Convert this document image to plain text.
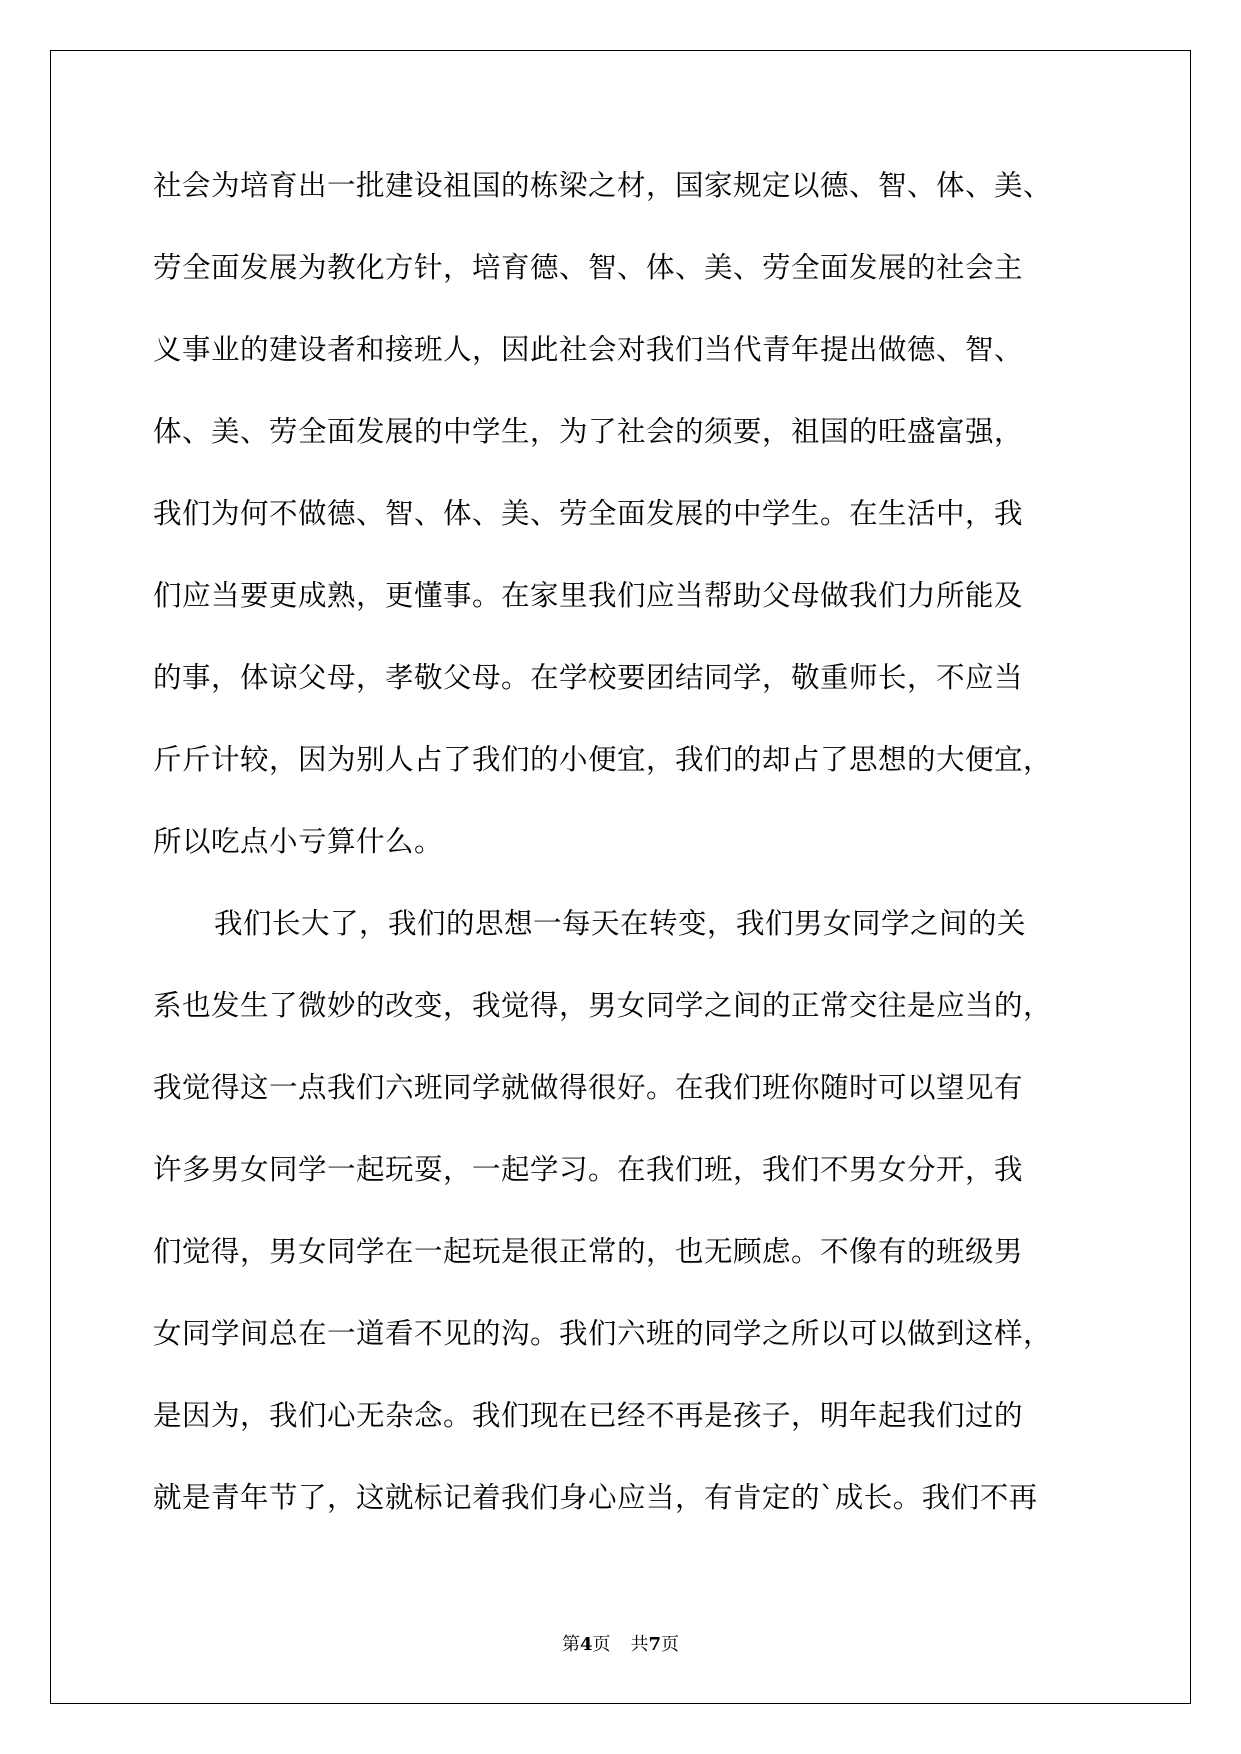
社会为培育出一批建设祖国的栋梁之材，国家规定以德、智、体、美、
劳全面发展为教化方针，培育德、智、体、美、劳全面发展的社会主
义事业的建设者和接班人，因此社会对我们当代青年提出做德、智、
体、美、劳全面发展的中学生，为了社会的须要，祖国的旺盛富强，
我们为何不做德、智、体、美、劳全面发展的中学生。在生活中，我
们应当要更成熟，更懂事。在家里我们应当帮助父母做我们力所能及
的事，体谅父母，孝敬父母。在学校要团结同学，敬重师长，不应当
斤斤计较，因为别人占了我们的小便宜，我们的却占了思想的大便宜，
所以吃点小亏算什么。
我们长大了，我们的思想一每天在转变，我们男女同学之间的关
系也发生了微妙的改变，我觉得，男女同学之间的正常交往是应当的，
我觉得这一点我们六班同学就做得很好。在我们班你随时可以望见有
许多男女同学一起玩耍，一起学习。在我们班，我们不男女分开，我
们觉得，男女同学在一起玩是很正常的，也无顾虑。不像有的班级男
女同学间总在一道看不见的沟。我们六班的同学之所以可以做到这样，
是因为，我们心无杂念。我们现在已经不再是孩子，明年起我们过的
就是青年节了，这就标记着我们身心应当，有肯定的`成长。我们不再
第4页 共7页
